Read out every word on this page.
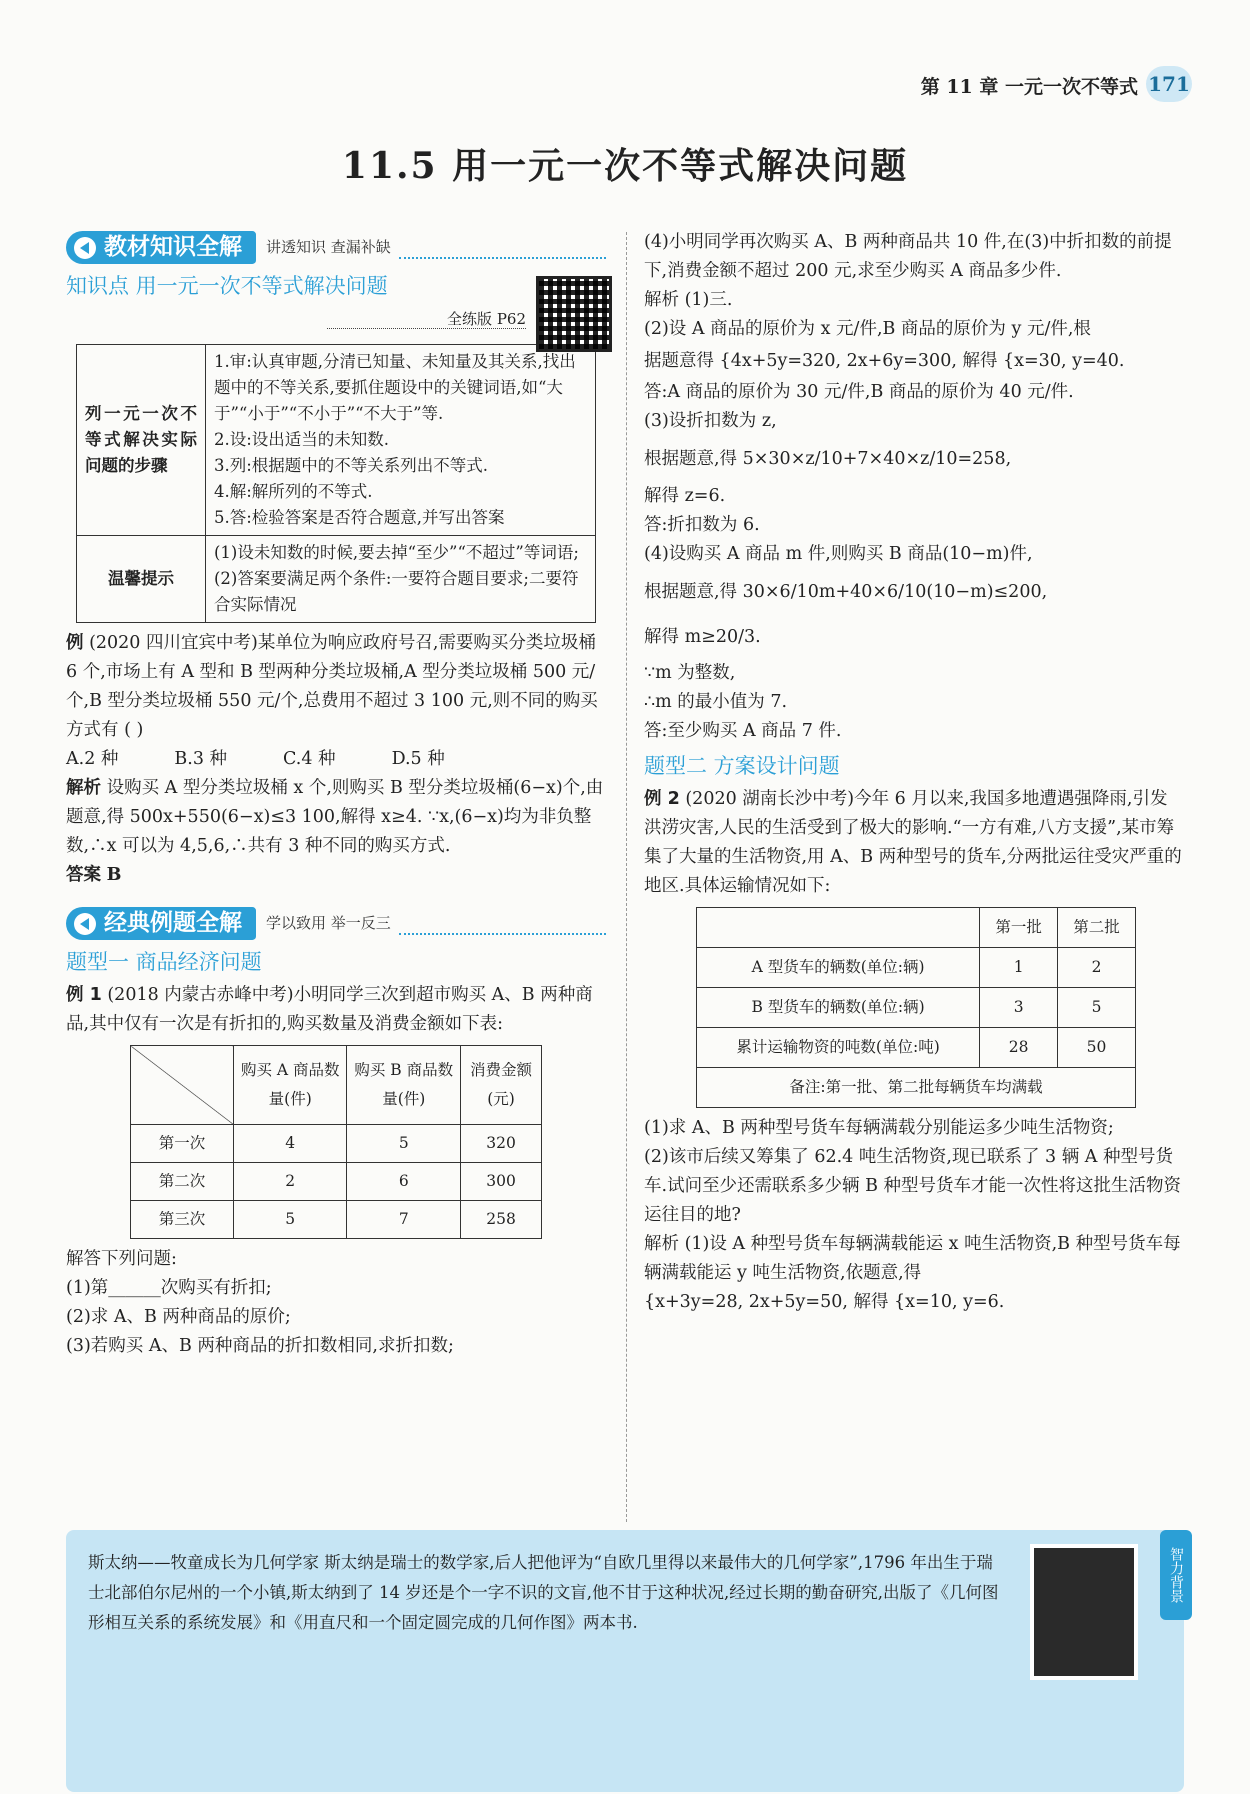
第 11 章 一元一次不等式 171
11.5 用一元一次不等式解决问题
教材知识全解	讲透知识 查漏补缺
知识点 用一元一次不等式解决问题
全练版 P62
列一元一次不等式解决实际问题的步骤	1.审:认真审题,分清已知量、未知量及其关系,找出题中的不等关系,要抓住题设中的关键词语,如“大于”“小于”“不小于”“不大于”等.
2.设:设出适当的未知数.
3.列:根据题中的不等关系列出不等式.
4.解:解所列的不等式.
5.答:检验答案是否符合题意,并写出答案

温馨提示	(1)设未知数的时候,要去掉“至少”“不超过”等词语;
(2)答案要满足两个条件:一要符合题目要求;二要符合实际情况

例 (2020 四川宜宾中考)某单位为响应政府号召,需要购买分类垃圾桶 6 个,市场上有 A 型和 B 型两种分类垃圾桶,A 型分类垃圾桶 500 元/个,B 型分类垃圾桶 550 元/个,总费用不超过 3 100 元,则不同的购买方式有 ( )

A.2 种	B.3 种	C.4 种	D.5 种

解析 设购买 A 型分类垃圾桶 x 个,则购买 B 型分类垃圾桶(6−x)个,由题意,得 500x+550(6−x)≤3 100,解得 x≥4. ∵x,(6−x)均为非负整数,∴x 可以为 4,5,6,∴共有 3 种不同的购买方式.

答案 B

经典例题全解	学以致用 举一反三
题型一 商品经济问题

例 1 (2018 内蒙古赤峰中考)小明同学三次到超市购买 A、B 两种商品,其中仅有一次是有折扣的,购买数量及消费金额如下表:

	购买 A 商品数量(件)	购买 B 商品数量(件)	消费金额(元)
第一次	4	5	320
第二次	2	6	300
第三次	5	7	258

解答下列问题:

(1)第______次购买有折扣;

(2)求 A、B 两种商品的原价;

(3)若购买 A、B 两种商品的折扣数相同,求折扣数;

(4)小明同学再次购买 A、B 两种商品共 10 件,在(3)中折扣数的前提下,消费金额不超过 200 元,求至少购买 A 商品多少件.

解析 (1)三.

(2)设 A 商品的原价为 x 元/件,B 商品的原价为 y 元/件,根

据题意得 {4x+5y=320, 2x+6y=300, 解得 {x=30, y=40.

答:A 商品的原价为 30 元/件,B 商品的原价为 40 元/件.

(3)设折扣数为 z,

根据题意,得 5×30×z/10+7×40×z/10=258,

解得 z=6.

答:折扣数为 6.

(4)设购买 A 商品 m 件,则购买 B 商品(10−m)件,

根据题意,得 30×6/10m+40×6/10(10−m)≤200,

解得 m≥20/3.

∵m 为整数,

∴m 的最小值为 7.

答:至少购买 A 商品 7 件.

题型二 方案设计问题

例 2 (2020 湖南长沙中考)今年 6 月以来,我国多地遭遇强降雨,引发洪涝灾害,人民的生活受到了极大的影响.“一方有难,八方支援”,某市筹集了大量的生活物资,用 A、B 两种型号的货车,分两批运往受灾严重的地区.具体运输情况如下:

	第一批	第二批
A 型货车的辆数(单位:辆)	1	2
B 型货车的辆数(单位:辆)	3	5
累计运输物资的吨数(单位:吨)	28	50
备注:第一批、第二批每辆货车均满载		

(1)求 A、B 两种型号货车每辆满载分别能运多少吨生活物资;

(2)该市后续又筹集了 62.4 吨生活物资,现已联系了 3 辆 A 种型号货车.试问至少还需联系多少辆 B 种型号货车才能一次性将这批生活物资运往目的地?

解析 (1)设 A 种型号货车每辆满载能运 x 吨生活物资,B 种型号货车每辆满载能运 y 吨生活物资,依题意,得

{x+3y=28, 2x+5y=50, 解得 {x=10, y=6.

斯太纳——牧童成长为几何学家 斯太纳是瑞士的数学家,后人把他评为“自欧几里得以来最伟大的几何学家”,1796 年出生于瑞士北部伯尔尼州的一个小镇,斯太纳到了 14 岁还是个一字不识的文盲,他不甘于这种状况,经过长期的勤奋研究,出版了《几何图形相互关系的系统发展》和《用直尺和一个固定圆完成的几何作图》两本书.
智力背景
